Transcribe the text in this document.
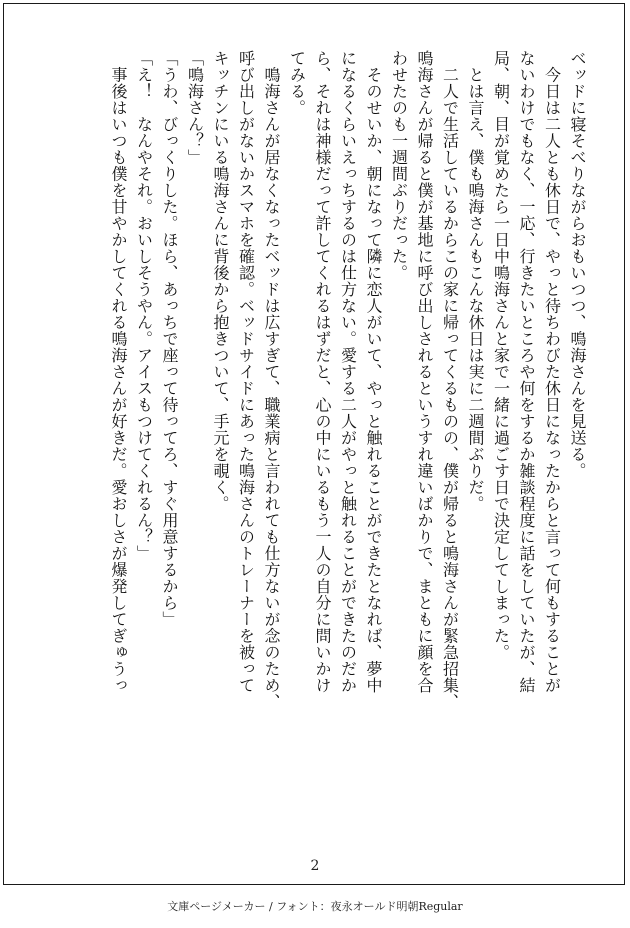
ベッドに寝そべりながらおもいつつ、鳴海さんを見送る。

　今日は二人とも休日で、やっと待ちわびた休日になったからと言って何もすることが

ないわけでもなく、一応、行きたいところや何をするか雑談程度に話をしていたが、結

局、朝、目が覚めたら一日中鳴海さんと家で一緒に過ごす日で決定してしまった。

　とは言え、僕も鳴海さんもこんな休日は実に二週間ぶりだ。

　二人で生活しているからこの家に帰ってくるものの、僕が帰ると鳴海さんが緊急招集、

鳴海さんが帰ると僕が基地に呼び出しされるというすれ違いばかりで、まともに顔を合

わせたのも一週間ぶりだった。

　そのせいか、朝になって隣に恋人がいて、やっと触れることができたとなれば、夢中

になるくらいえっちするのは仕方ない。愛する二人がやっと触れることができたのだか

ら、それは神様だって許してくれるはずだと、心の中にいるもう一人の自分に問いかけ

てみる。

　鳴海さんが居なくなったベッドは広すぎて、職業病と言われても仕方ないが念のため、

呼び出しがないかスマホを確認。ベッドサイドにあった鳴海さんのトレーナーを被って

キッチンにいる鳴海さんに背後から抱きついて、手元を覗く。

「鳴海さん？」

「うわ、びっくりした。ほら、あっちで座って待ってろ、すぐ用意するから」

「え！　なんやそれ。おいしそうやん。アイスもつけてくれるん？」

　事後はいつも僕を甘やかしてくれる鳴海さんが好きだ。愛おしさが爆発してぎゅうっ

2
文庫ページメーカー / フォント：夜永オールド明朝Regular
